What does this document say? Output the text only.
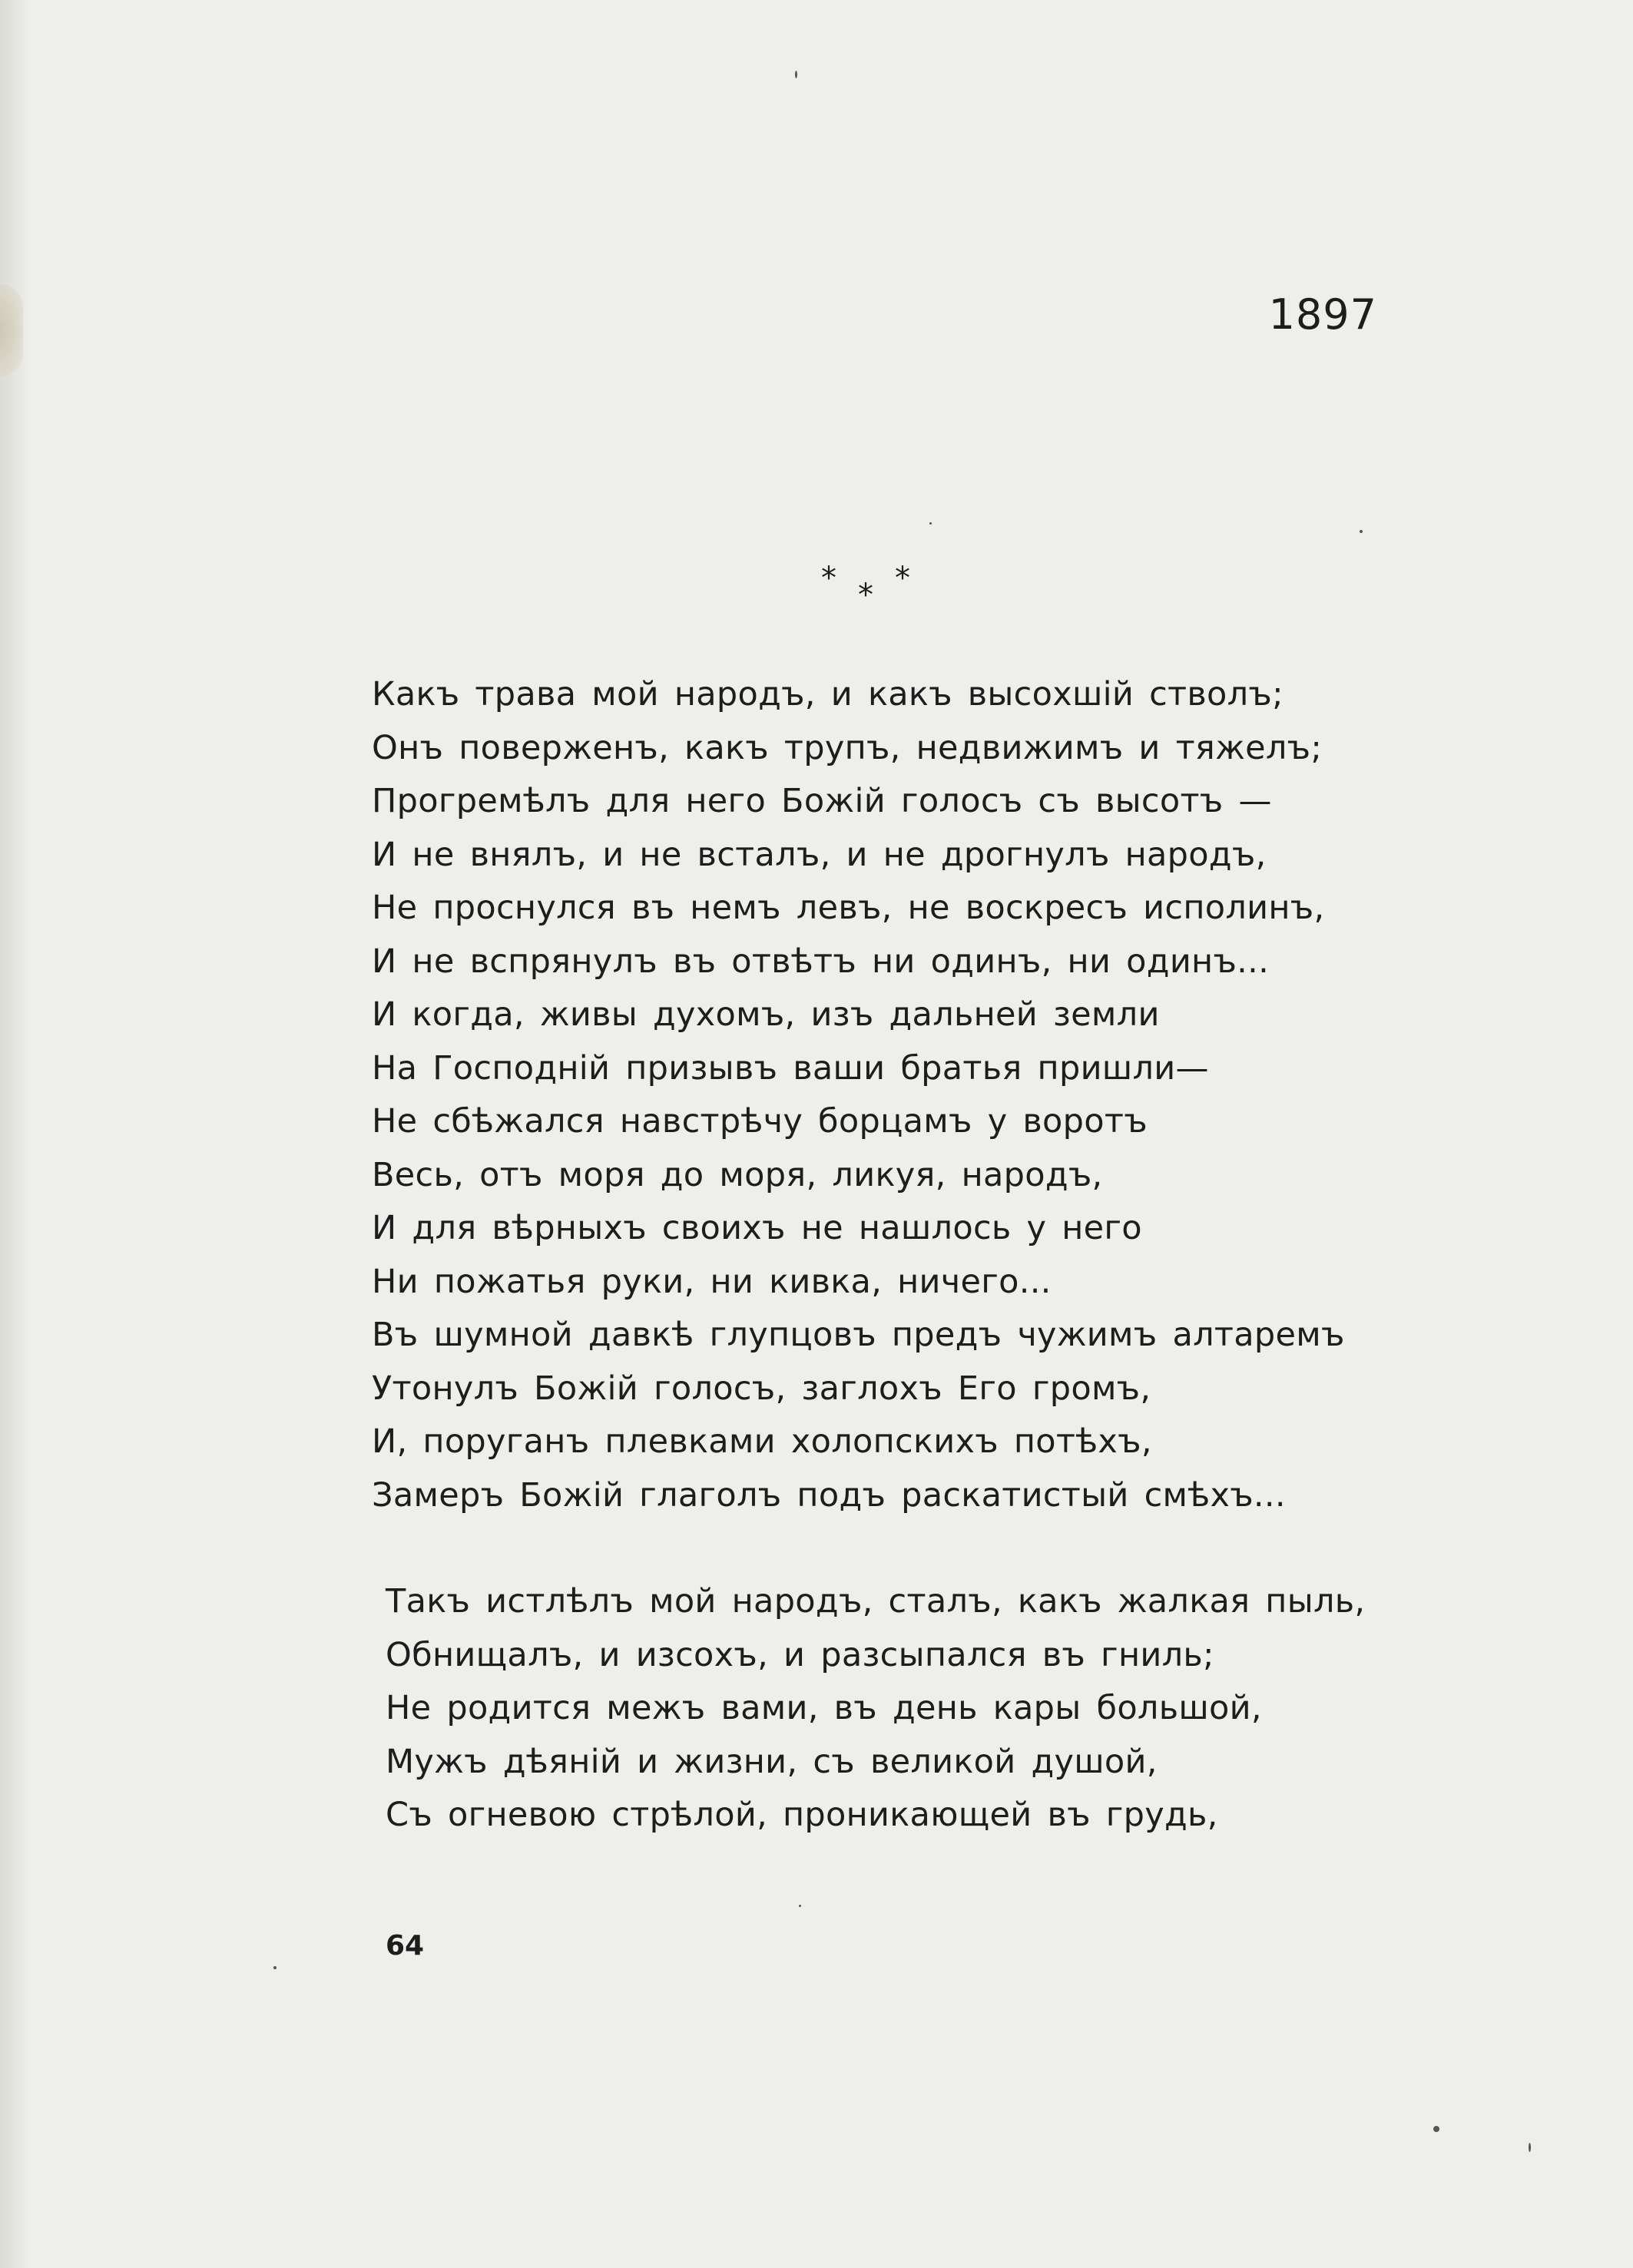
1897
* * *
Какъ трава мой народъ, и какъ высохшій стволъ;
Онъ поверженъ, какъ трупъ, недвижимъ и тяжелъ;
Прогремѣлъ для него Божій голосъ съ высотъ —
И не внялъ, и не всталъ, и не дрогнулъ народъ,
Не проснулся въ немъ левъ, не воскресъ исполинъ,
И не вспрянулъ въ отвѣтъ ни одинъ, ни одинъ...
И когда, живы духомъ, изъ дальней земли
На Господній призывъ ваши братья пришли—
Не сбѣжался навстрѣчу борцамъ у воротъ
Весь, отъ моря до моря, ликуя, народъ,
И для вѣрныхъ своихъ не нашлось у него
Ни пожатья руки, ни кивка, ничего...
Въ шумной давкѣ глупцовъ предъ чужимъ алтаремъ
Утонулъ Божій голосъ, заглохъ Его громъ,
И, поруганъ плевками холопскихъ потѣхъ,
Замеръ Божій глаголъ подъ раскатистый смѣхъ...
Такъ истлѣлъ мой народъ, сталъ, какъ жалкая пыль,
Обнищалъ, и изсохъ, и разсыпался въ гниль;
Не родится межъ вами, въ день кары большой,
Мужъ дѣяній и жизни, съ великой душой,
Съ огневою стрѣлой, проникающей въ грудь,
64
